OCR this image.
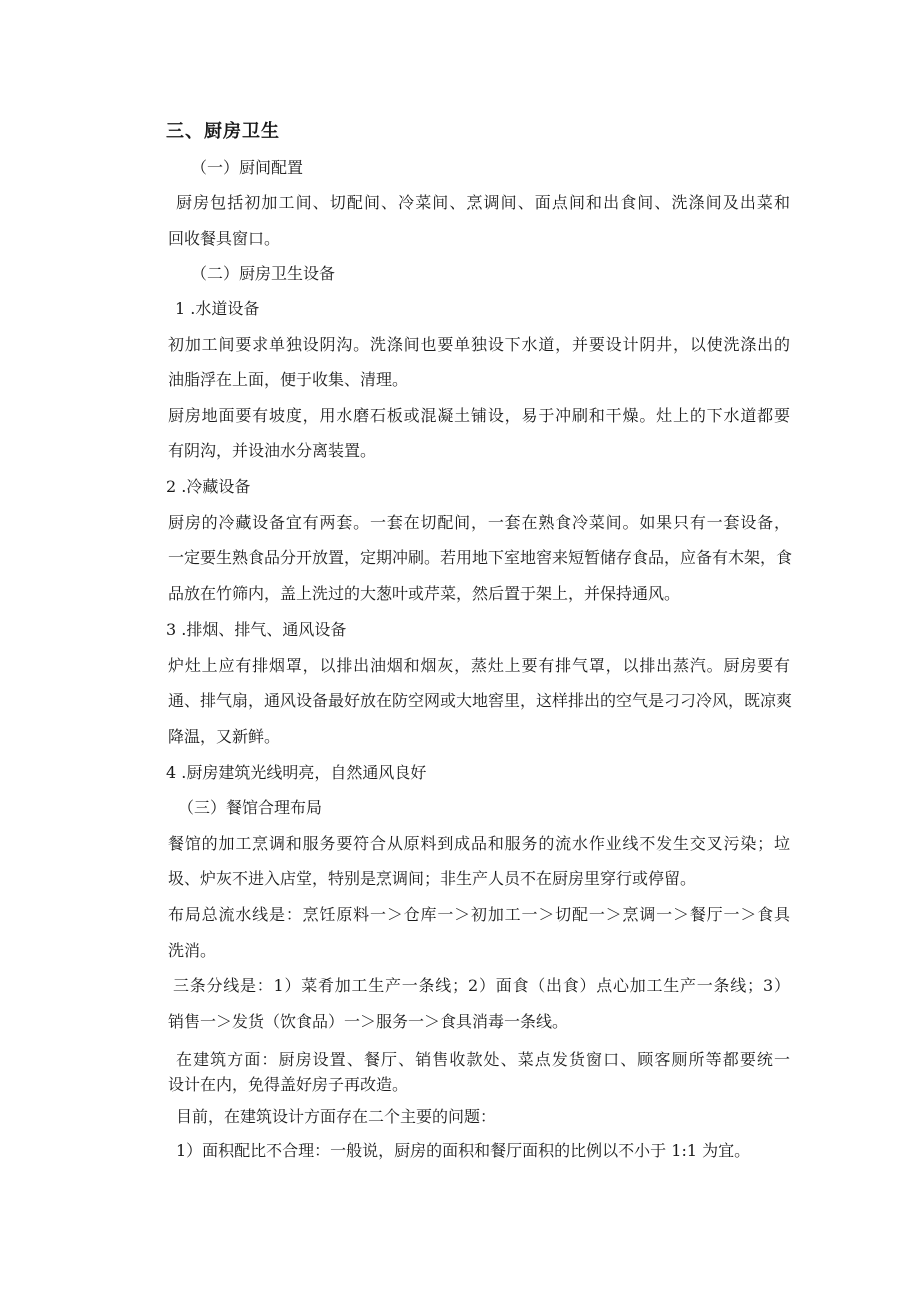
三、厨房卫生
（一）厨间配置
厨房包括初加工间、切配间、冷菜间、烹调间、面点间和出食间、洗涤间及出菜和
回收餐具窗口。
（二）厨房卫生设备
1 .水道设备
初加工间要求单独设阴沟。洗涤间也要单独设下水道，并要设计阴井，以使洗涤出的
油脂浮在上面，便于收集、清理。
厨房地面要有坡度，用水磨石板或混凝土铺设，易于冲刷和干燥。灶上的下水道都要
有阴沟，并设油水分离装置。
2 .冷藏设备
厨房的冷藏设备宜有两套。一套在切配间，一套在熟食冷菜间。如果只有一套设备，
一定要生熟食品分开放置，定期冲刷。若用地下室地窖来短暂储存食品，应备有木架，食
品放在竹筛内，盖上洗过的大葱叶或芹菜，然后置于架上，并保持通风。
3 .排烟、排气、通风设备
炉灶上应有排烟罩，以排出油烟和烟灰，蒸灶上要有排气罩，以排出蒸汽。厨房要有
通、排气扇，通风设备最好放在防空网或大地窖里，这样排出的空气是刁刁冷风，既凉爽
降温，又新鲜。
4 .厨房建筑光线明亮，自然通风良好
（三）餐馆合理布局
餐馆的加工烹调和服务要符合从原料到成品和服务的流水作业线不发生交叉污染；垃
圾、炉灰不进入店堂，特别是烹调间；非生产人员不在厨房里穿行或停留。
布局总流水线是：烹饪原料一＞仓库一＞初加工一＞切配一＞烹调一＞餐厅一＞食具
洗消。
三条分线是：1）菜肴加工生产一条线；2）面食（出食）点心加工生产一条线；3）
销售一＞发货（饮食品）一＞服务一＞食具消毒一条线。
在建筑方面：厨房设置、餐厅、销售收款处、菜点发货窗口、顾客厕所等都要统一
设计在内，免得盖好房子再改造。
目前，在建筑设计方面存在二个主要的问题：
1）面积配比不合理：一般说，厨房的面积和餐厅面积的比例以不小于 1:1 为宜。
